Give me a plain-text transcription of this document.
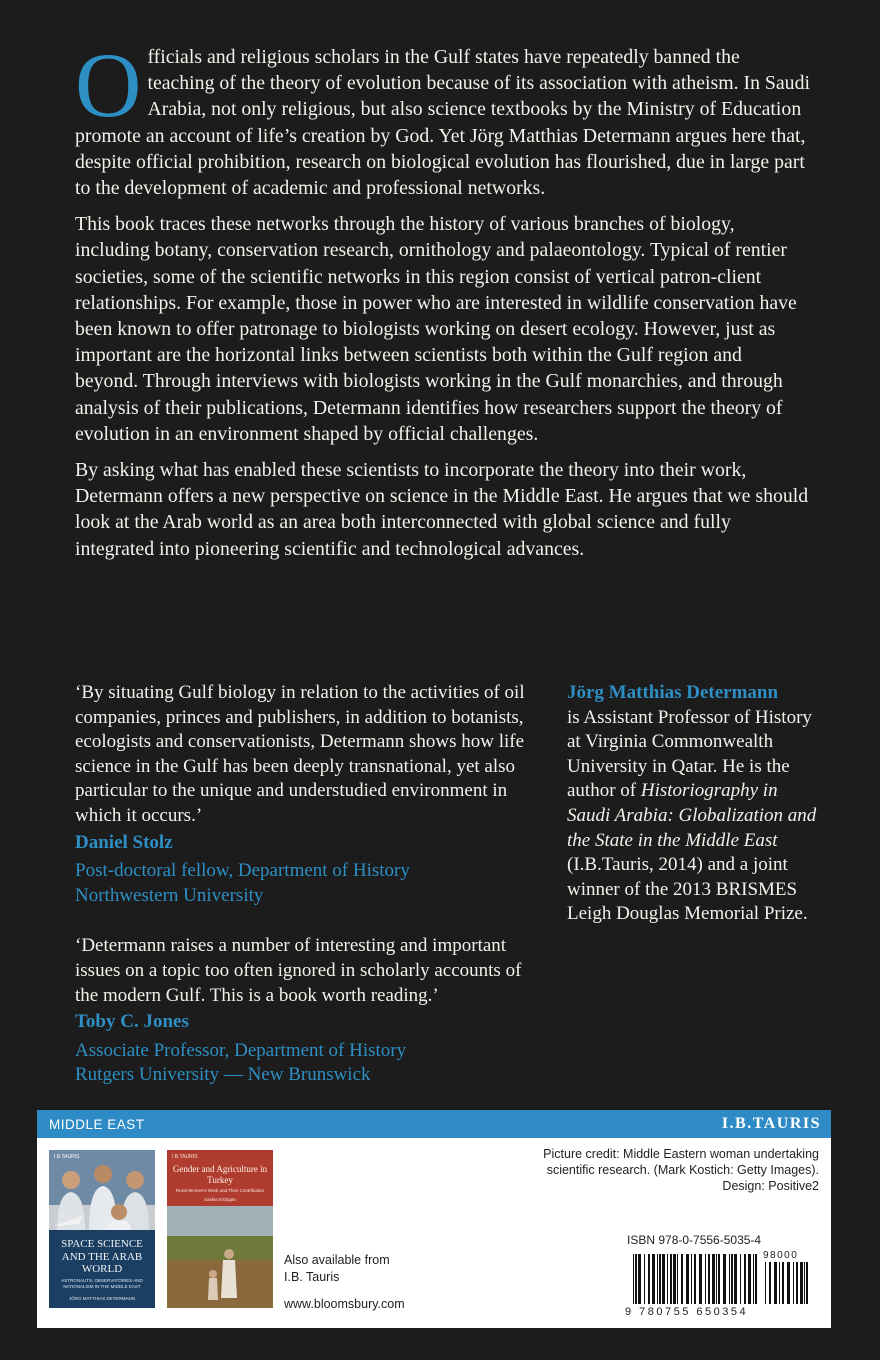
Officials and religious scholars in the Gulf states have repeatedly banned the teaching of the theory of evolution because of its association with atheism. In Saudi Arabia, not only religious, but also science textbooks by the Ministry of Education promote an account of life’s creation by God. Yet Jörg Matthias Determann argues here that, despite official prohibition, research on biological evolution has flourished, due in large part to the development of academic and professional networks.

This book traces these networks through the history of various branches of biology, including botany, conservation research, ornithology and palaeontology. Typical of rentier societies, some of the scientific networks in this region consist of vertical patron-client relationships. For example, those in power who are interested in wildlife conservation have been known to offer patronage to biologists working on desert ecology. However, just as important are the horizontal links between scientists both within the Gulf region and beyond. Through interviews with biologists working in the Gulf monarchies, and through analysis of their publications, Determann identifies how researchers support the theory of evolution in an environment shaped by official challenges.

By asking what has enabled these scientists to incorporate the theory into their work, Determann offers a new perspective on science in the Middle East. He argues that we should look at the Arab world as an area both interconnected with global science and fully integrated into pioneering scientific and technological advances.

‘By situating Gulf biology in relation to the activities of oil companies, princes and publishers, in addition to botanists, ecologists and conservationists, Determann shows how life science in the Gulf has been deeply transnational, yet also particular to the unique and understudied environment in which it occurs.’

Daniel Stolz
Post-doctoral fellow, Department of History
Northwestern University

‘Determann raises a number of interesting and important issues on a topic too often ignored in scholarly accounts of the modern Gulf. This is a book worth reading.’

Toby C. Jones
Associate Professor, Department of History
Rutgers University — New Brunswick
Jörg Matthias Determann
is Assistant Professor of History at Virginia Commonwealth University in Qatar. He is the author of Historiography in Saudi Arabia: Globalization and the State in the Middle East (I.B.Tauris, 2014) and a joint winner of the 2013 BRISMES Leigh Douglas Memorial Prize.
MIDDLE EAST	I.B.TAURIS
I.B.TAURIS
SPACE SCIENCE AND THE ARAB WORLD
ASTRONAUTS, OBSERVATORIES AND NATIONALISM IN THE MIDDLE EAST
JÖRG MATTHIAS DETERMANN
I.B.TAURIS
Gender and Agriculture in Turkey
Rural Women's Work and Their Contribution
Saskia Erdogan
Also available from
I.B. Tauris
www.bloomsbury.com
Picture credit: Middle Eastern woman undertaking
scientific research. (Mark Kostich: Getty Images).
Design: Positive2
ISBN 978-0-7556-5035-4
9 780755 650354
98000
